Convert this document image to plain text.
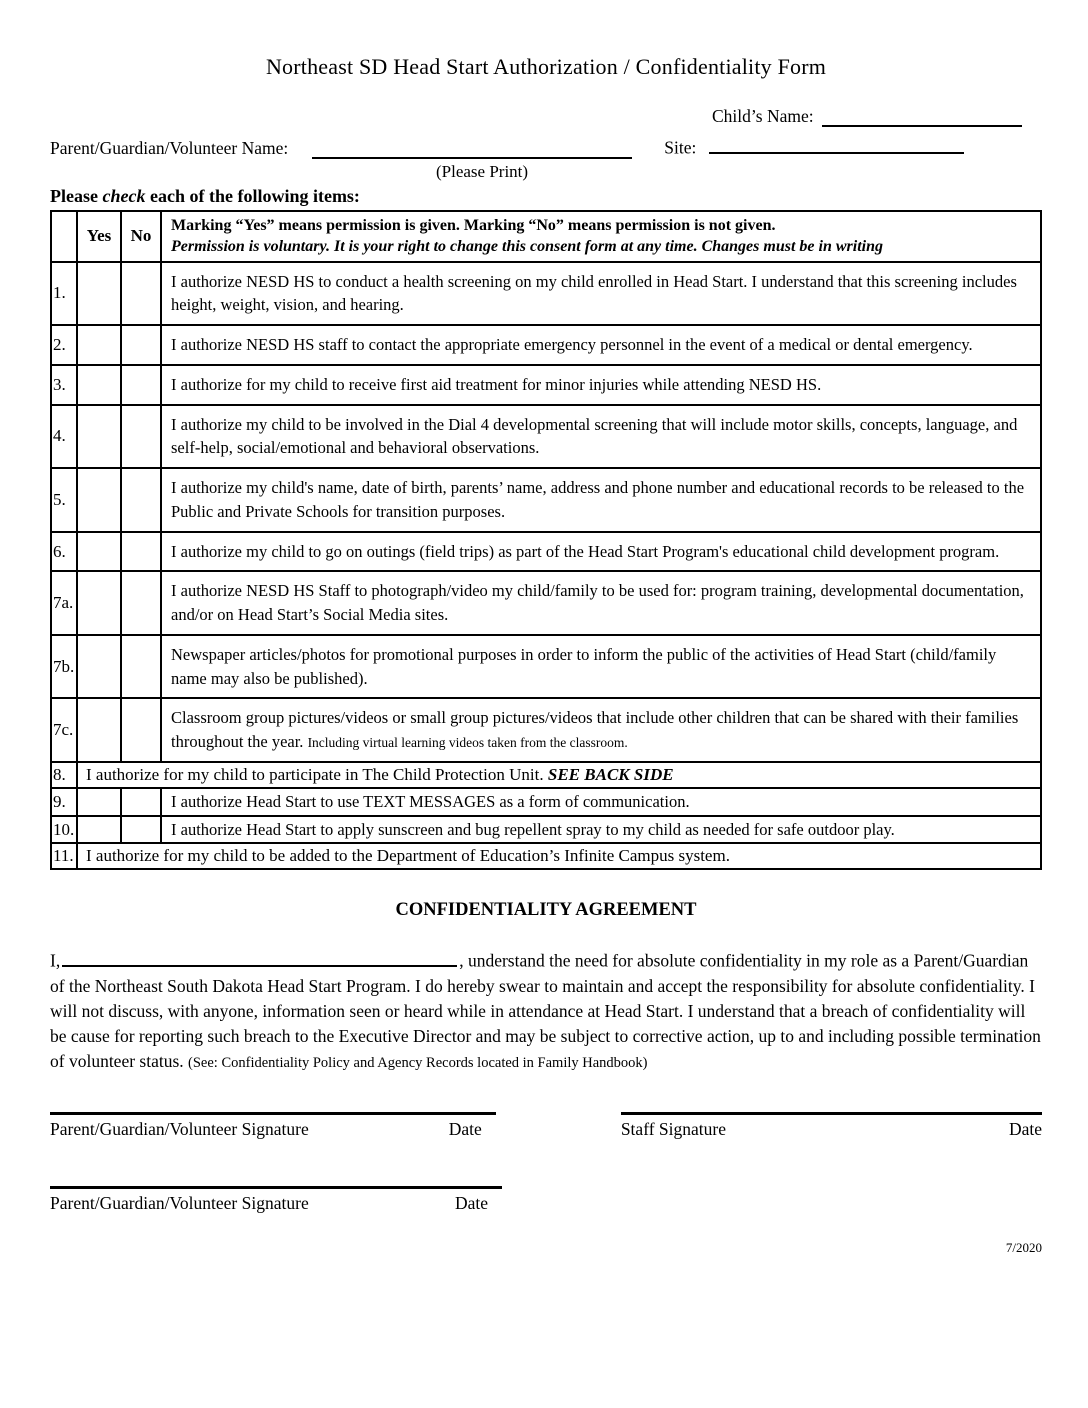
Northeast SD Head Start Authorization / Confidentiality Form
Child’s Name:
Parent/Guardian/Volunteer Name:	Site:
(Please Print)
Please check each of the following items:
	Yes	No	Marking “Yes” means permission is given. Marking “No” means permission is not given.
Permission is voluntary. It is your right to change this consent form at any time. Changes must be in writing

1.			I authorize NESD HS to conduct a health screening on my child enrolled in Head Start. I understand that this screening includes height, weight, vision, and hearing.
2.			I authorize NESD HS staff to contact the appropriate emergency personnel in the event of a medical or dental emergency.
3.			I authorize for my child to receive first aid treatment for minor injuries while attending NESD HS.
4.			I authorize my child to be involved in the Dial 4 developmental screening that will include motor skills, concepts, language, and self-help, social/emotional and behavioral observations.
5.			I authorize my child's name, date of birth, parents’ name, address and phone number and educational records to be released to the Public and Private Schools for transition purposes.
6.			I authorize my child to go on outings (field trips) as part of the Head Start Program's educational child development program.
7a.			I authorize NESD HS Staff to photograph/video my child/family to be used for: program training, developmental documentation, and/or on Head Start’s Social Media sites.
7b.			Newspaper articles/photos for promotional purposes in order to inform the public of the activities of Head Start (child/family name may also be published).
7c.			Classroom group pictures/videos or small group pictures/videos that include other children that can be shared with their families throughout the year. Including virtual learning videos taken from the classroom.
8.	I authorize for my child to participate in The Child Protection Unit. SEE BACK SIDE		
9.			I authorize Head Start to use TEXT MESSAGES as a form of communication.
10.			I authorize Head Start to apply sunscreen and bug repellent spray to my child as needed for safe outdoor play.
11.	I authorize for my child to be added to the Department of Education’s Infinite Campus system.		
CONFIDENTIALITY AGREEMENT
I,	, understand the need for absolute confidentiality in my role as a Parent/Guardian of the Northeast South Dakota Head Start Program. I do hereby swear to maintain and accept the responsibility for absolute confidentiality. I will not discuss, with anyone, information seen or heard while in attendance at Head Start. I understand that a breach of confidentiality will be cause for reporting such breach to the Executive Director and may be subject to corrective action, up to and including possible termination of volunteer status. (See: Confidentiality Policy and Agency Records located in Family Handbook)
Parent/Guardian/Volunteer Signature	Date	Staff Signature	Date
Parent/Guardian/Volunteer Signature	Date
7/2020
